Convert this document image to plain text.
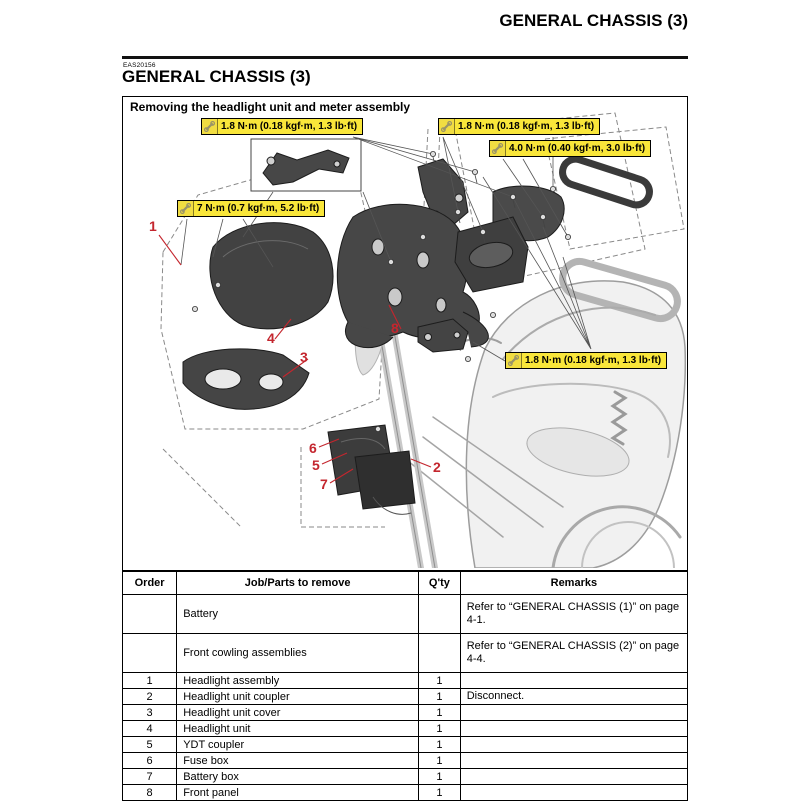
GENERAL CHASSIS (3)
EAS20156
GENERAL CHASSIS (3)
Removing the headlight unit and meter assembly
1.8 N·m (0.18 kgf·m, 1.3 lb·ft)	1.8 N·m (0.18 kgf·m, 1.3 lb·ft)
4.0 N·m (0.40 kgf·m, 3.0 lb·ft)
7 N·m (0.7 kgf·m, 5.2 lb·ft)
1.8 N·m (0.18 kgf·m, 1.3 lb·ft)
1
2
3
4
5
6
7
8
Order	Job/Parts to remove	Q'ty	Remarks
	Battery		Refer to “GENERAL CHASSIS (1)” on page 4-1.
	Front cowling assemblies		Refer to “GENERAL CHASSIS (2)” on page 4-4.
1	Headlight assembly	1	
2	Headlight unit coupler	1	Disconnect.
3	Headlight unit cover	1	
4	Headlight unit	1	
5	YDT coupler	1	
6	Fuse box	1	
7	Battery box	1	
8	Front panel	1	
